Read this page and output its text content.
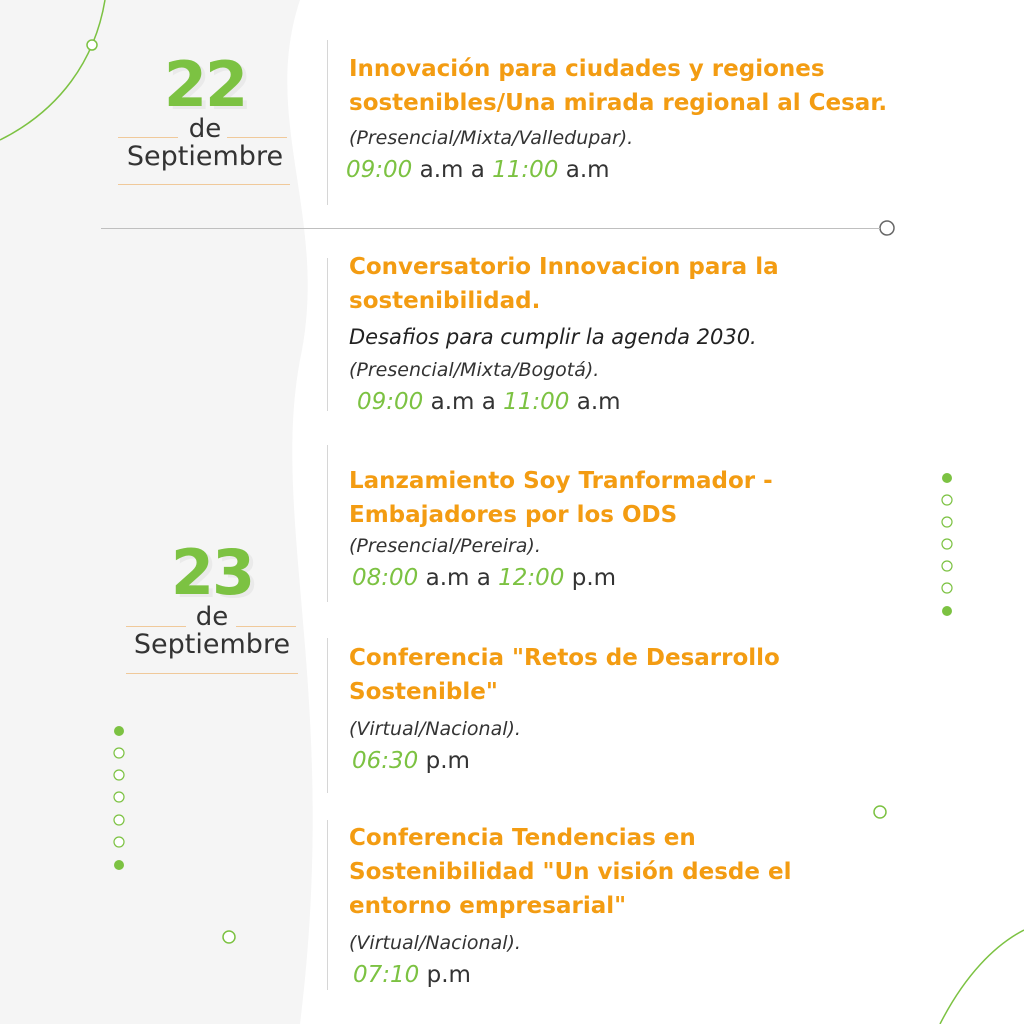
22
de
Septiembre
23
de
Septiembre
Innovación para ciudades y regiones
sostenibles/Una mirada regional al Cesar.
(Presencial/Mixta/Valledupar).
09:00 a.m a 11:00 a.m
Conversatorio Innovacion para la
sostenibilidad.
Desafios para cumplir la agenda 2030.
(Presencial/Mixta/Bogotá).
09:00 a.m a 11:00 a.m
Lanzamiento Soy Tranformador -
Embajadores por los ODS
(Presencial/Pereira).
08:00 a.m a 12:00 p.m
Conferencia "Retos de Desarrollo
Sostenible"
(Virtual/Nacional).
06:30 p.m
Conferencia Tendencias en
Sostenibilidad "Un visión desde el
entorno empresarial"
(Virtual/Nacional).
07:10 p.m
